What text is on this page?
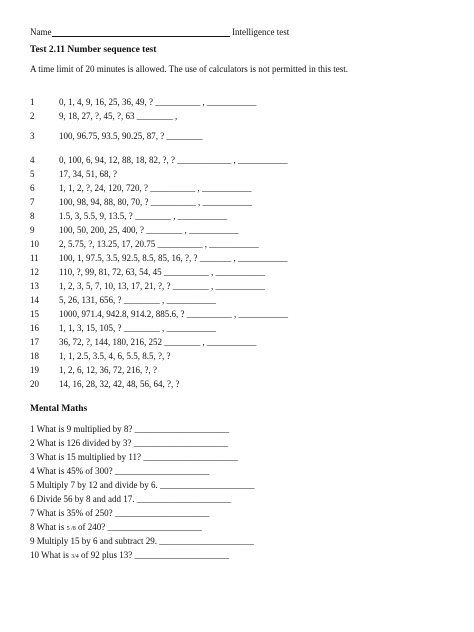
Name	Intelligence test
Test 2.11 Number sequence test
A time limit of 20 minutes is allowed. The use of calculators is not permitted in this test.
1	0, 1, 4, 9, 16, 25, 36, 49, ? __________ , ___________
2	9, 18, 27, ?, 45, ?, 63 ________ ,
3	100, 96.75, 93.5, 90.25, 87, ? ________
4	0, 100, 6, 94, 12, 88, 18, 82, ?, ? ____________ , ___________
5	17, 34, 51, 68, ?
6	1, 1, 2, ?, 24, 120, 720, ? __________ , ___________
7	100, 98, 94, 88, 80, 70, ? __________ , ___________
8	1.5, 3, 5.5, 9, 13.5, ? ________ , ___________
9	100, 50, 200, 25, 400, ? ________ , ___________
10	2, 5.75, ?, 13.25, 17, 20.75 __________ , ___________
11	100, 1, 97.5, 3.5, 92.5, 8.5, 85, 16, ?, ? _______ , ___________
12	110, ?, 99, 81, 72, 63, 54, 45 __________ , ___________
13	1, 2, 3, 5, 7, 10, 13, 17, 21, ?, ? ________ , ___________
14	5, 26, 131, 656, ? ________ , ___________
15	1000, 971.4, 942.8, 914.2, 885.6, ? __________ , ___________
16	1, 1, 3, 15, 105, ? ________ , ___________
17	36, 72, ?, 144, 180, 216, 252 ________ , ___________
18	1, 1, 2.5, 3.5, 4, 6, 5.5, 8.5, ?, ?
19	1, 2, 6, 12, 36, 72, 216, ?, ?
20	14, 16, 28, 32, 42, 48, 56, 64, ?, ?
Mental Maths
1 What is 9 multiplied by 8? _____________________
2 What is 126 divided by 3? _____________________
3 What is 15 multiplied by 11? _____________________
4 What is 45% of 300? _____________________
5 Multiply 7 by 12 and divide by 6. _____________________
6 Divide 56 by 8 and add 17. _____________________
7 What is 35% of 250? _____________________
8 What is 5 /8 of 240? _____________________
9 Multiply 15 by 6 and subtract 29. _____________________
10 What is 3/4 of 92 plus 13? _____________________
